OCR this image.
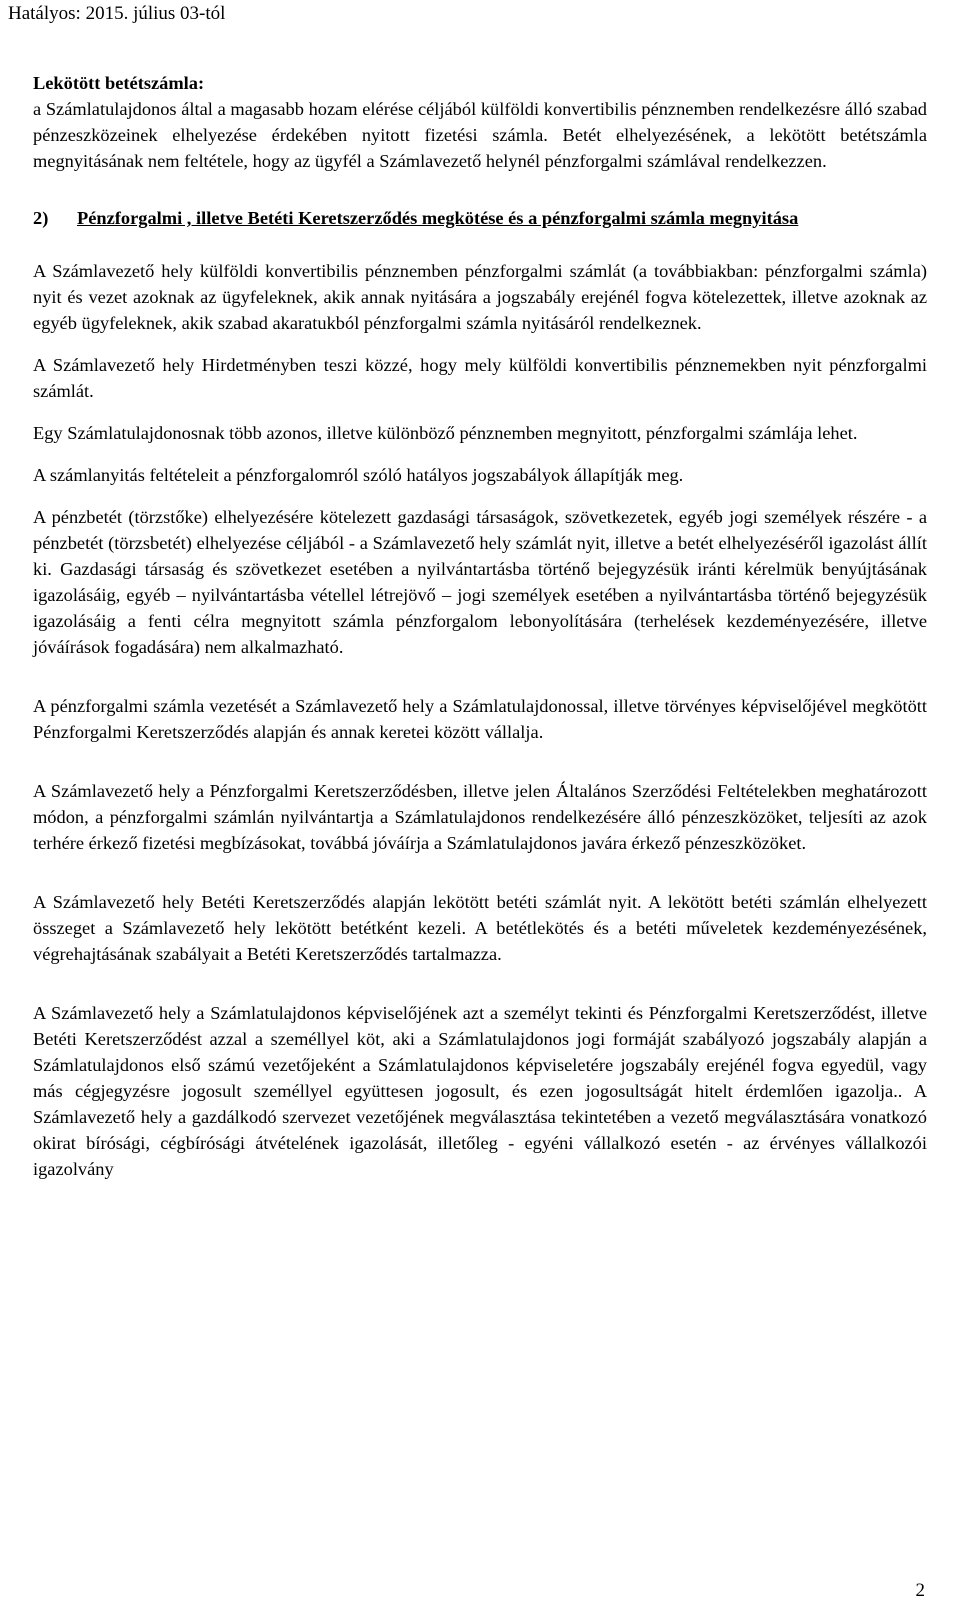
Hatályos: 2015. július 03-tól

Lekötött betétszámla:

a Számlatulajdonos által a magasabb hozam elérése céljából külföldi konvertibilis pénznemben rendelkezésre álló szabad pénzeszközeinek elhelyezése érdekében nyitott fizetési számla. Betét elhelyezésének, a lekötött betétszámla megnyitásának nem feltétele, hogy az ügyfél a Számlavezető helynél pénzforgalmi számlával rendelkezzen.

2) Pénzforgalmi , illetve Betéti Keretszerződés megkötése és a pénzforgalmi számla megnyitása

A Számlavezető hely külföldi konvertibilis pénznemben pénzforgalmi számlát (a továbbiakban: pénzforgalmi számla) nyit és vezet azoknak az ügyfeleknek, akik annak nyitására a jogszabály erejénél fogva kötelezettek, illetve azoknak az egyéb ügyfeleknek, akik szabad akaratukból pénzforgalmi számla nyitásáról rendelkeznek.

A Számlavezető hely Hirdetményben teszi közzé, hogy mely külföldi konvertibilis pénznemekben nyit pénzforgalmi számlát.

Egy Számlatulajdonosnak több azonos, illetve különböző pénznemben megnyitott, pénzforgalmi számlája lehet.

A számlanyitás feltételeit a pénzforgalomról szóló hatályos jogszabályok állapítják meg.

A pénzbetét (törzstőke) elhelyezésére kötelezett gazdasági társaságok, szövetkezetek, egyéb jogi személyek részére - a pénzbetét (törzsbetét) elhelyezése céljából - a Számlavezető hely számlát nyit, illetve a betét elhelyezéséről igazolást állít ki. Gazdasági társaság és szövetkezet esetében a nyilvántartásba történő bejegyzésük iránti kérelmük benyújtásának igazolásáig, egyéb – nyilvántartásba vétellel létrejövő – jogi személyek esetében a nyilvántartásba történő bejegyzésük igazolásáig a fenti célra megnyitott számla pénzforgalom lebonyolítására (terhelések kezdeményezésére, illetve jóváírások fogadására) nem alkalmazható.

A pénzforgalmi számla vezetését a Számlavezető hely a Számlatulajdonossal, illetve törvényes képviselőjével megkötött Pénzforgalmi Keretszerződés alapján és annak keretei között vállalja.

A Számlavezető hely a Pénzforgalmi Keretszerződésben, illetve jelen Általános Szerződési Feltételekben meghatározott módon, a pénzforgalmi számlán nyilvántartja a Számlatulajdonos rendelkezésére álló pénzeszközöket, teljesíti az azok terhére érkező fizetési megbízásokat, továbbá jóváírja a Számlatulajdonos javára érkező pénzeszközöket.

A Számlavezető hely Betéti Keretszerződés alapján lekötött betéti számlát nyit. A lekötött betéti számlán elhelyezett összeget a Számlavezető hely lekötött betétként kezeli. A betétlekötés és a betéti műveletek kezdeményezésének, végrehajtásának szabályait a Betéti Keretszerződés tartalmazza.

A Számlavezető hely a Számlatulajdonos képviselőjének azt a személyt tekinti és Pénzforgalmi Keretszerződést, illetve Betéti Keretszerződést azzal a személlyel köt, aki a Számlatulajdonos jogi formáját szabályozó jogszabály alapján a Számlatulajdonos első számú vezetőjeként a Számlatulajdonos képviseletére jogszabály erejénél fogva egyedül, vagy más cégjegyzésre jogosult személlyel együttesen jogosult, és ezen jogosultságát hitelt érdemlően igazolja.. A Számlavezető hely a gazdálkodó szervezet vezetőjének megválasztása tekintetében a vezető megválasztására vonatkozó okirat bírósági, cégbírósági átvételének igazolását, illetőleg - egyéni vállalkozó esetén - az érvényes vállalkozói igazolvány

2
